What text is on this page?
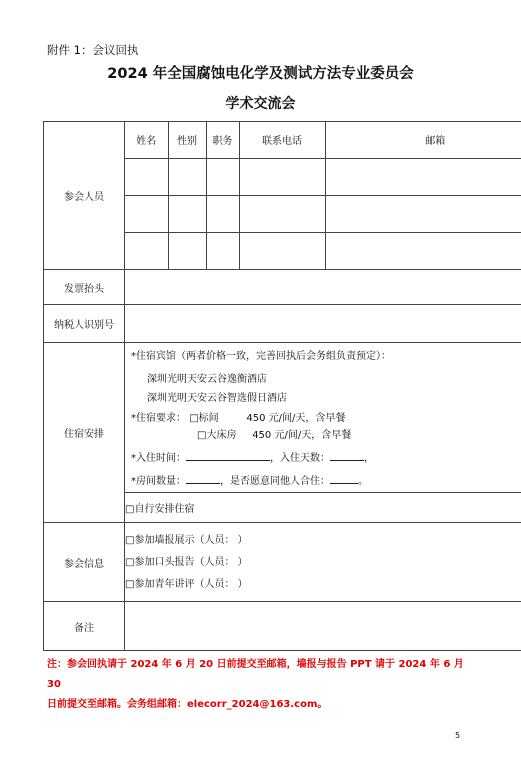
附件 1：会议回执
2024 年全国腐蚀电化学及测试方法专业委员会
学术交流会
参会人员	
姓名	性别	职务	联系电话	邮箱

发票抬头	
纳税人识别号	
住宿安排	
*住宿宾馆（两者价格一致，完善回执后会务组负责预定）：
深圳光明天安云谷逸衡酒店
深圳光明天安云谷智选假日酒店
*住宿要求： □标间	450 元/间/天，含早餐
□大床房 450 元/间/天，含早餐
*入住时间：	，入住天数：	，
*房间数量：	，是否愿意同他人合住：	。

□自行安排住宿
参会信息	
□参加墙报展示（人员： ）
□参加口头报告（人员： ）
□参加青年讲评（人员： ）

备注	
注：参会回执请于 2024 年 6 月 20 日前提交至邮箱，墙报与报告 PPT 请于 2024 年 6 月 30
日前提交至邮箱。会务组邮箱：elecorr_2024@163.com。
5
